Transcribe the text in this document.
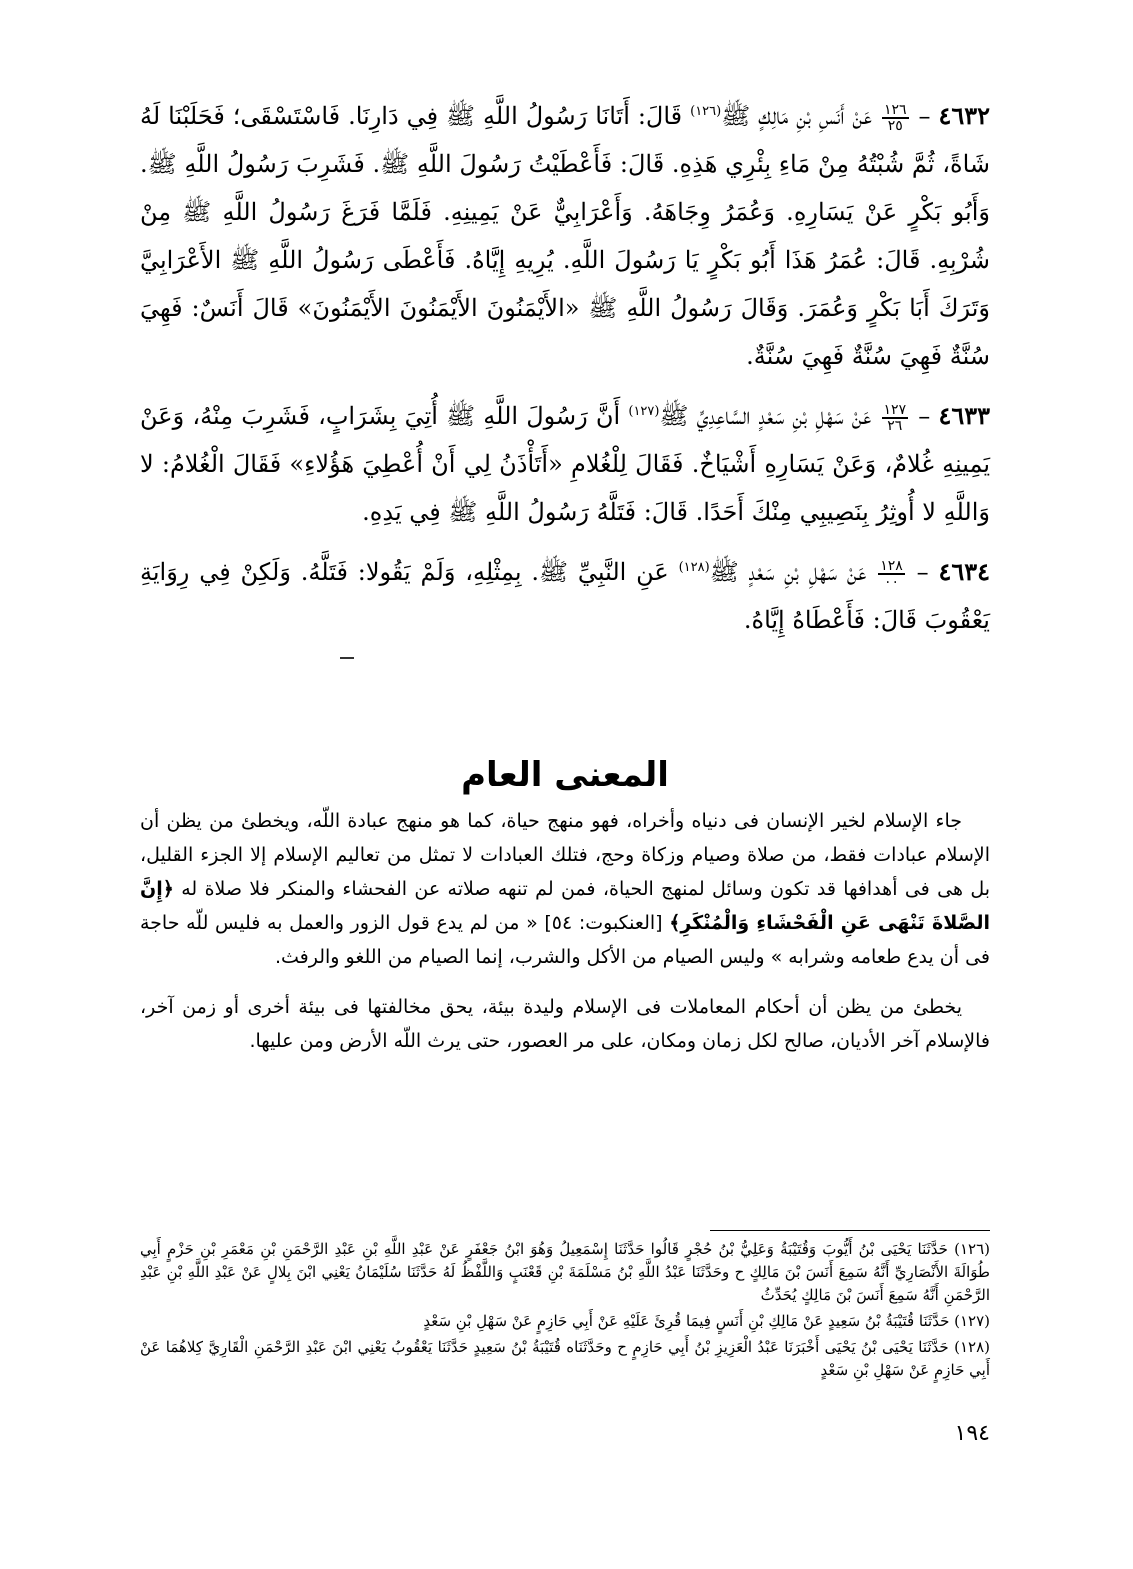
٤٦٣٢ –
$\frac{١٢٦}{٢٥}$
عَنْ أَنَسِ بْنِ مَالِكٍ ﷺ$^{(١٢٦)}$ قَالَ: أَتَانَا رَسُولُ اللَّهِ ﷺ فِي دَارِنَا. فَاسْتَسْقَى؛ فَحَلَبْنَا لَهُ شَاةً، ثُمَّ شُبْتُهُ مِنْ مَاءِ بِئْرِي هَذِهِ. قَالَ: فَأَعْطَيْتُ رَسُولَ اللَّهِ ﷺ. فَشَرِبَ رَسُولُ اللَّهِ ﷺ. وَأَبُو بَكْرٍ عَنْ يَسَارِهِ. وَعُمَرُ وِجَاهَهُ. وَأَعْرَابِيٌّ عَنْ يَمِينِهِ. فَلَمَّا فَرَغَ رَسُولُ اللَّهِ ﷺ مِنْ شُرْبِهِ. قَالَ: عُمَرُ هَذَا أَبُو بَكْرٍ يَا رَسُولَ اللَّهِ. يُرِيهِ إِيَّاهُ. فَأَعْطَى رَسُولُ اللَّهِ ﷺ الأَعْرَابِيَّ وَتَرَكَ أَبَا بَكْرٍ وَعُمَرَ. وَقَالَ رَسُولُ اللَّهِ ﷺ «الأَيْمَنُونَ الأَيْمَنُونَ الأَيْمَنُونَ» قَالَ أَنَسٌ: فَهِيَ سُنَّةٌ فَهِيَ سُنَّةٌ فَهِيَ سُنَّةٌ.

٤٦٣٣ –
$\frac{١٢٧}{٢٦}$
عَنْ سَهْلِ بْنِ سَعْدٍ السَّاعِدِيِّ ﷺ$^{(١٢٧)}$ أَنَّ رَسُولَ اللَّهِ ﷺ أُتِيَ بِشَرَابٍ، فَشَرِبَ مِنْهُ، وَعَنْ يَمِينِهِ غُلامٌ، وَعَنْ يَسَارِهِ أَشْيَاخٌ. فَقَالَ لِلْغُلامِ «أَتَأْذَنُ لِي أَنْ أُعْطِيَ هَؤُلاءِ» فَقَالَ الْغُلامُ: لا وَاللَّهِ لا أُوثِرُ بِنَصِيبِي مِنْكَ أَحَدًا. قَالَ: فَتَلَّهُ رَسُولُ اللَّهِ ﷺ فِي يَدِهِ.

٤٦٣٤ –
$\frac{١٢٨}{٠٠}$
عَنْ سَهْلِ بْنِ سَعْدٍ ﷺ$^{(١٢٨)}$ عَنِ النَّبِيِّ ﷺ. بِمِثْلِهِ، وَلَمْ يَقُولا: فَتَلَّهُ. وَلَكِنْ فِي رِوَايَةِ يَعْقُوبَ قَالَ: فَأَعْطَاهُ إِيَّاهُ.

المعنى العام

جاء الإسلام لخير الإنسان فى دنياه وأخراه، فهو منهج حياة، كما هو منهج عبادة اللّه، ويخطئ من يظن أن الإسلام عبادات فقط، من صلاة وصيام وزكاة وحج، فتلك العبادات لا تمثل من تعاليم الإسلام إلا الجزء القليل، بل هى فى أهدافها قد تكون وسائل لمنهج الحياة، فمن لم تنهه صلاته عن الفحشاء والمنكر فلا صلاة له ﴿إِنَّ الصَّلاةَ تَنْهَى عَنِ الْفَحْشَاءِ وَالْمُنْكَرِ﴾ [العنكبوت: ٥٤] « من لم يدع قول الزور والعمل به فليس للّه حاجة فى أن يدع طعامه وشرابه » وليس الصيام من الأكل والشرب، إنما الصيام من اللغو والرفث.

يخطئ من يظن أن أحكام المعاملات فى الإسلام وليدة بيئة، يحق مخالفتها فى بيئة أخرى أو زمن آخر، فالإسلام آخر الأديان، صالح لكل زمان ومكان، على مر العصور، حتى يرث اللّه الأرض ومن عليها.

(١٢٦) حَدَّثَنَا يَحْيَى بْنُ أَيُّوبَ وَقُتَيْبَةُ وَعَلِيُّ بْنُ حُجْرٍ قَالُوا حَدَّثَنَا إِسْمَعِيلُ وَهُوَ ابْنُ جَعْفَرٍ عَنْ عَبْدِ اللَّهِ بْنِ عَبْدِ الرَّحْمَنِ بْنِ مَعْمَرِ بْنِ حَزْمٍ أَبِي طُوَالَةَ الأَنْصَارِيِّ أَنَّهُ سَمِعَ أَنَسَ بْنَ مَالِكٍ ح وحَدَّثَنَا عَبْدُ اللَّهِ بْنُ مَسْلَمَةَ بْنِ قَعْنَبٍ وَاللَّفْظُ لَهُ حَدَّثَنَا سُلَيْمَانُ يَعْنِي ابْنَ بِلالٍ عَنْ عَبْدِ اللَّهِ بْنِ عَبْدِ الرَّحْمَنِ أَنَّهُ سَمِعَ أَنَسَ بْنَ مَالِكٍ يُحَدِّثُ

(١٢٧) حَدَّثَنَا قُتَيْبَةُ بْنُ سَعِيدٍ عَنْ مَالِكِ بْنِ أَنَسٍ فِيمَا قُرِئَ عَلَيْهِ عَنْ أَبِي حَازِمٍ عَنْ سَهْلِ بْنِ سَعْدٍ

(١٢٨) حَدَّثَنَا يَحْيَى بْنُ يَحْيَى أَخْبَرَنَا عَبْدُ الْعَزِيزِ بْنُ أَبِي حَازِمٍ ح وحَدَّثَنَاه قُتَيْبَةُ بْنُ سَعِيدٍ حَدَّثَنَا يَعْقُوبُ يَعْنِي ابْنَ عَبْدِ الرَّحْمَنِ الْقَارِيَّ كِلاهُمَا عَنْ أَبِي حَازِمٍ عَنْ سَهْلِ بْنِ سَعْدٍ

١٩٤
